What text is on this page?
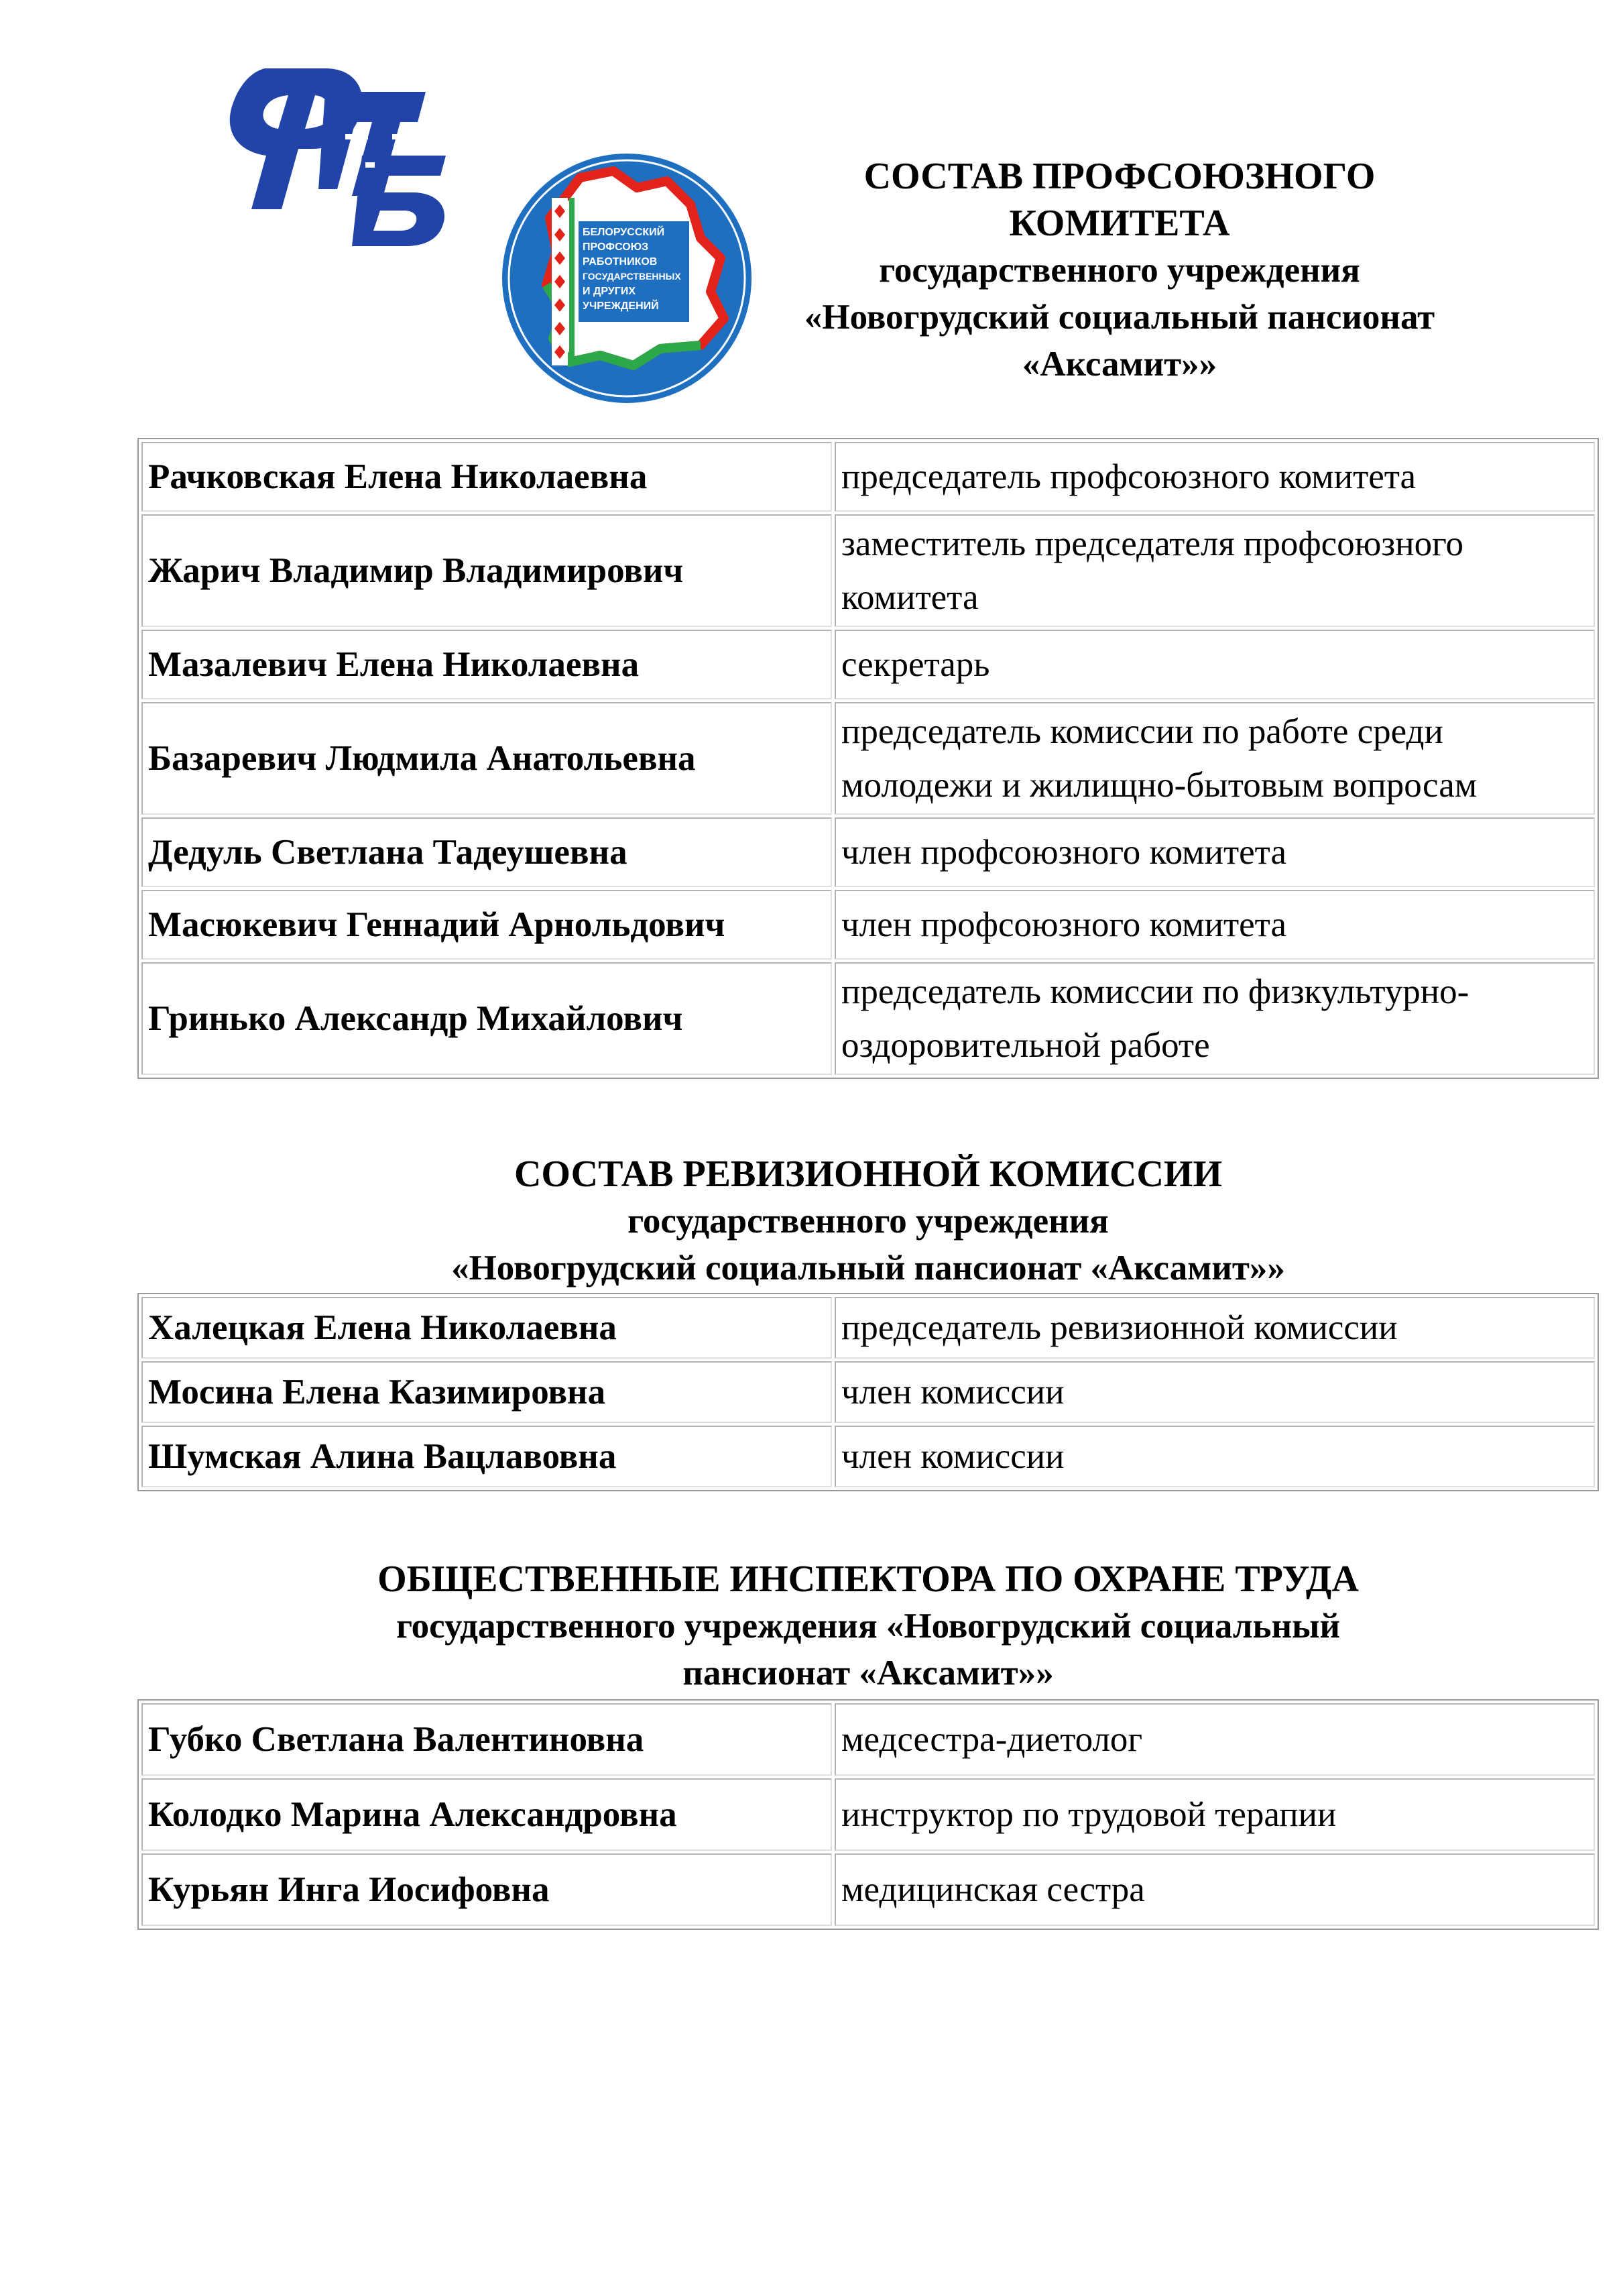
БЕЛОРУССКИЙ
ПРОФСОЮЗ
РАБОТНИКОВ
ГОСУДАРСТВЕННЫХ
И ДРУГИХ
УЧРЕЖДЕНИЙ
СОСТАВ ПРОФСОЮЗНОГО
КОМИТЕТА
государственного учреждения
«Новогрудский социальный пансионат
«Аксамит»»
Рачковская Елена Николаевна	председатель профсоюзного комитета
Жарич Владимир Владимирович	заместитель председателя профсоюзного комитета
Мазалевич Елена Николаевна	секретарь
Базаревич Людмила Анатольевна	председатель комиссии по работе среди молодежи и жилищно-бытовым вопросам
Дедуль Светлана Тадеушевна	член профсоюзного комитета
Масюкевич Геннадий Арнольдович	член профсоюзного комитета
Гринько Александр Михайлович	председатель комиссии по физкультурно-оздоровительной работе
СОСТАВ РЕВИЗИОННОЙ КОМИССИИ
государственного учреждения
«Новогрудский социальный пансионат «Аксамит»»
Халецкая Елена Николаевна	председатель ревизионной комиссии
Мосина Елена Казимировна	член комиссии
Шумская Алина Вацлавовна	член комиссии
ОБЩЕСТВЕННЫЕ ИНСПЕКТОРА ПО ОХРАНЕ ТРУДА
государственного учреждения «Новогрудский социальный
пансионат «Аксамит»»
Губко Светлана Валентиновна	медсестра-диетолог
Колодко Марина Александровна	инструктор по трудовой терапии
Курьян Инга Иосифовна	медицинская сестра
